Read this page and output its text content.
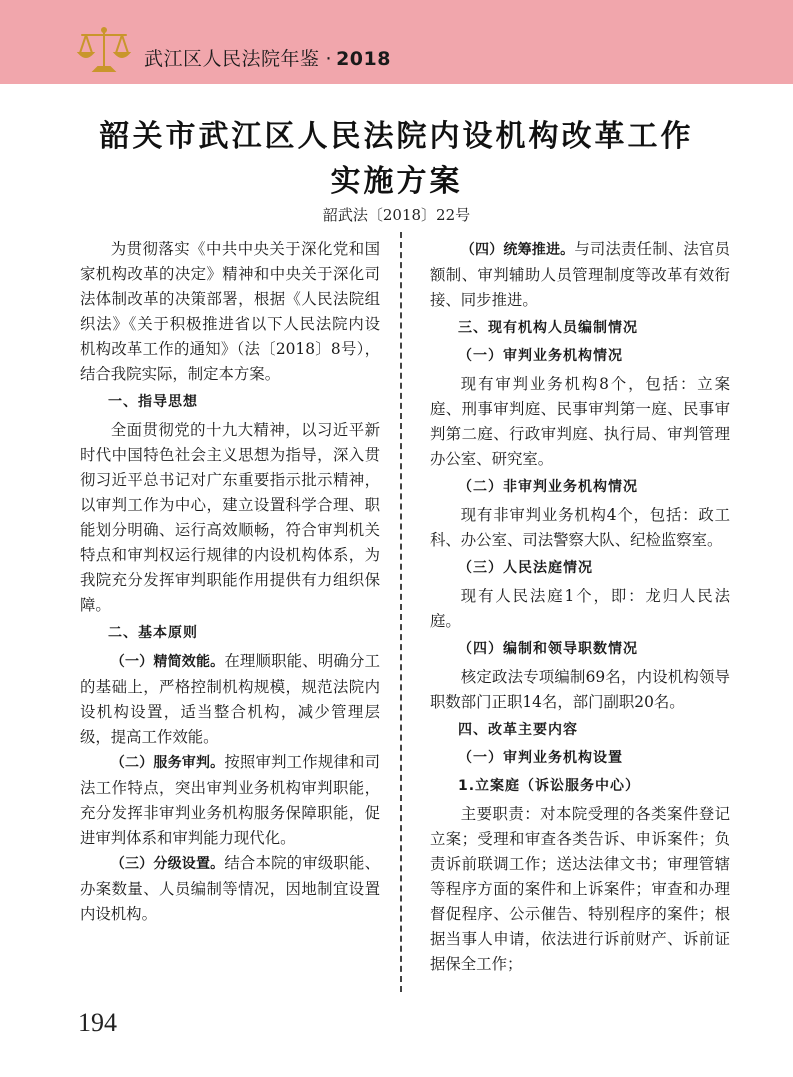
武江区人民法院年鉴 · 2018
韶关市武江区人民法院内设机构改革工作
实施方案
韶武法〔2018〕22号

为贯彻落实《中共中央关于深化党和国家机构改革的决定》精神和中央关于深化司法体制改革的决策部署，根据《人民法院组织法》《关于积极推进省以下人民法院内设机构改革工作的通知》（法〔2018〕8号），结合我院实际，制定本方案。

一、指导思想

全面贯彻党的十九大精神，以习近平新时代中国特色社会主义思想为指导，深入贯彻习近平总书记对广东重要指示批示精神，以审判工作为中心，建立设置科学合理、职能划分明确、运行高效顺畅，符合审判机关特点和审判权运行规律的内设机构体系，为我院充分发挥审判职能作用提供有力组织保障。

二、基本原则

（一）精简效能。在理顺职能、明确分工的基础上，严格控制机构规模，规范法院内设机构设置，适当整合机构，减少管理层级，提高工作效能。

（二）服务审判。按照审判工作规律和司法工作特点，突出审判业务机构审判职能，充分发挥非审判业务机构服务保障职能，促进审判体系和审判能力现代化。

（三）分级设置。结合本院的审级职能、办案数量、人员编制等情况，因地制宜设置内设机构。

（四）统筹推进。与司法责任制、法官员额制、审判辅助人员管理制度等改革有效衔接、同步推进。

三、现有机构人员编制情况

（一）审判业务机构情况

现有审判业务机构8个，包括：立案庭、刑事审判庭、民事审判第一庭、民事审判第二庭、行政审判庭、执行局、审判管理办公室、研究室。

（二）非审判业务机构情况

现有非审判业务机构4个，包括：政工科、办公室、司法警察大队、纪检监察室。

（三）人民法庭情况

现有人民法庭1个，即：龙归人民法庭。

（四）编制和领导职数情况

核定政法专项编制69名，内设机构领导职数部门正职14名，部门副职20名。

四、改革主要内容

（一）审判业务机构设置

1.立案庭（诉讼服务中心）

主要职责：对本院受理的各类案件登记立案；受理和审查各类告诉、申诉案件；负责诉前联调工作；送达法律文书；审理管辖等程序方面的案件和上诉案件；审查和办理督促程序、公示催告、特别程序的案件；根据当事人申请，依法进行诉前财产、诉前证据保全工作；

194
